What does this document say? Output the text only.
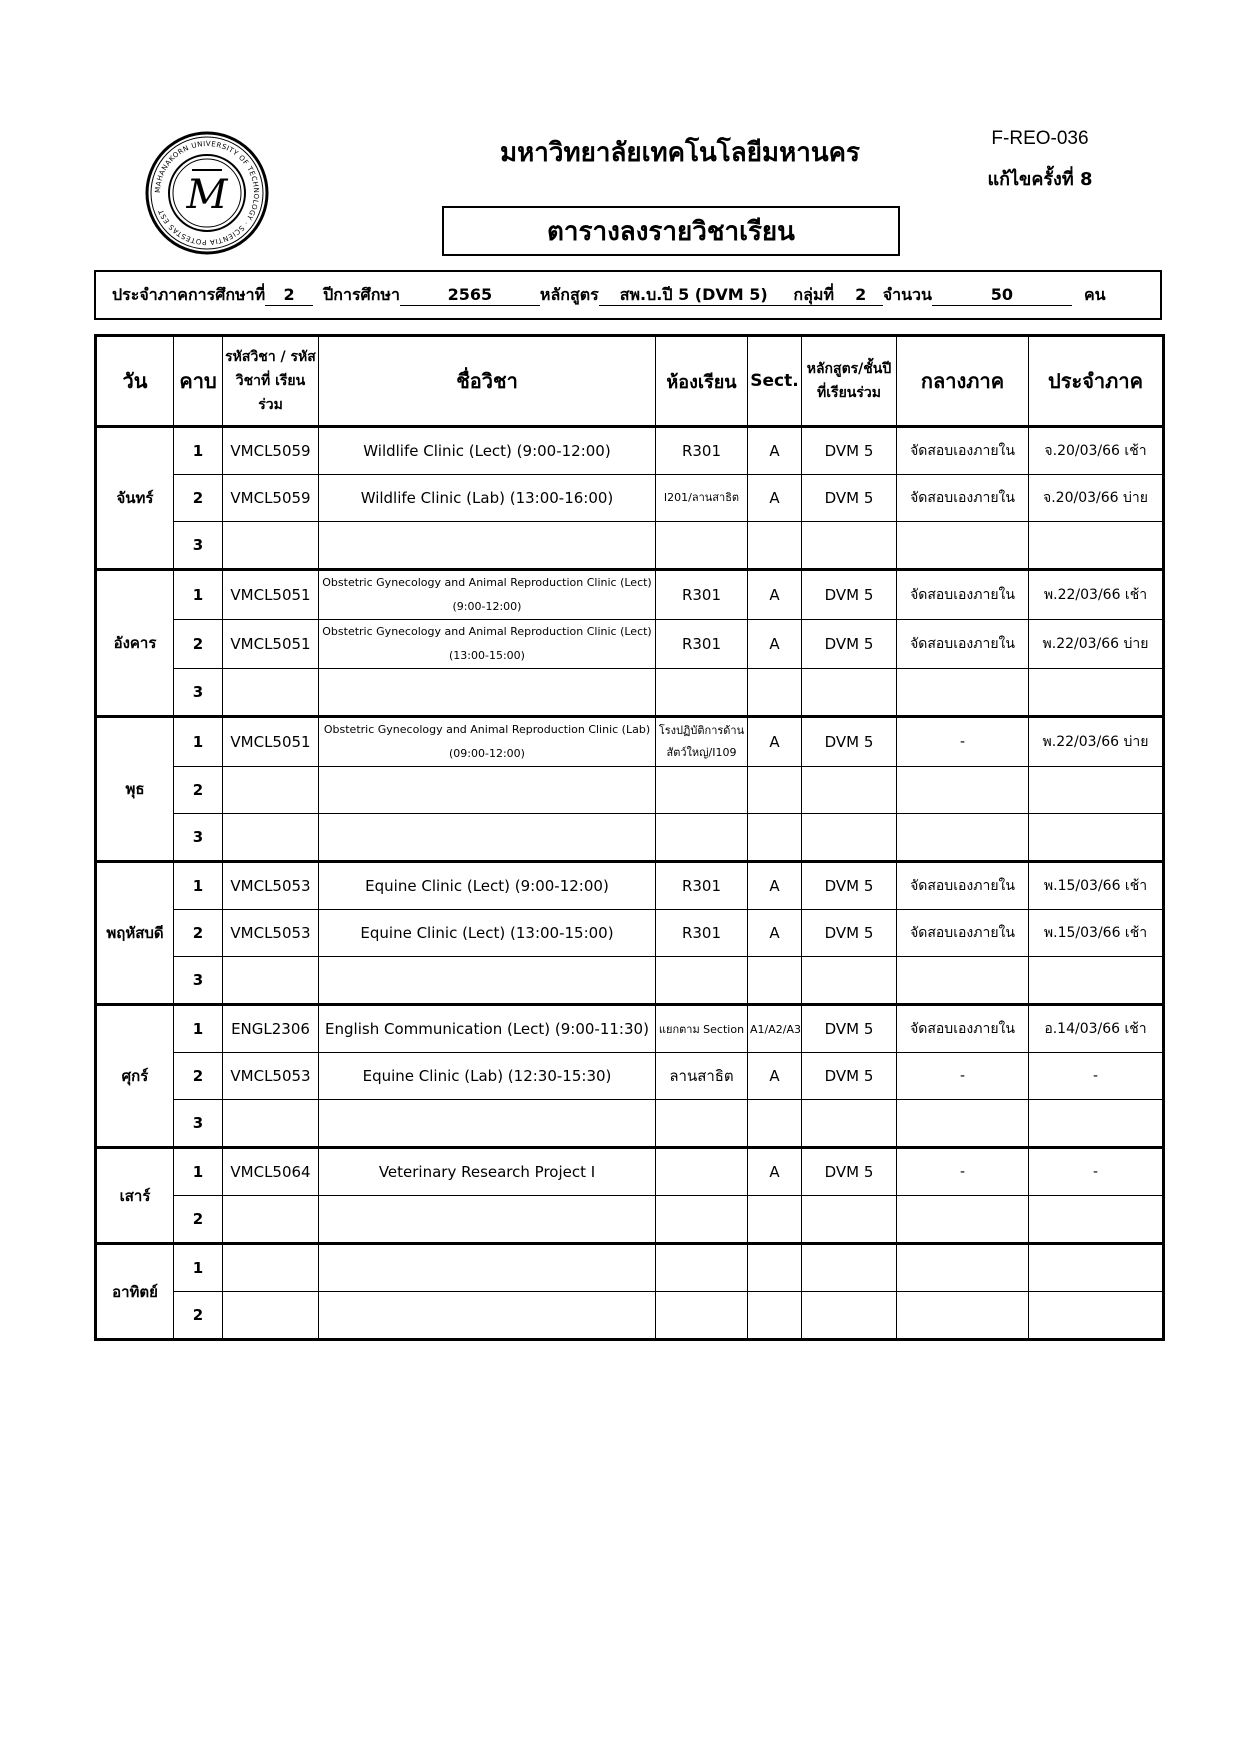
MAHANAKORN UNIVERSITY OF TECHNOLOGY · SCIENTIA POTESTAS EST M
มหาวิทยาลัยเทคโนโลยีมหานคร	F-REO-036
แก้ไขครั้งที่ 8
ตารางลงรายวิชาเรียน
ประจำภาคการศึกษาที่	2	ปีการศึกษา	2565	หลักสูตร	สพ.บ.ปี 5 (DVM 5)	กลุ่มที่	2	จำนวน	50	คน
วัน	คาบ	รหัสวิชา / รหัสวิชาที่ เรียนร่วม	ชื่อวิชา	ห้องเรียน	Sect.	หลักสูตร/ชั้นปี ที่เรียนร่วม	กลางภาค	ประจำภาค
จันทร์	1	VMCL5059	Wildlife Clinic (Lect) (9:00-12:00)	R301	A	DVM 5	จัดสอบเองภายใน	จ.20/03/66 เช้า
	2	VMCL5059	Wildlife Clinic (Lab) (13:00-16:00)	I201/ลานสาธิต	A	DVM 5	จัดสอบเองภายใน	จ.20/03/66 บ่าย
	3							
อังคาร	1	VMCL5051	Obstetric Gynecology and Animal Reproduction Clinic (Lect) (9:00-12:00)	R301	A	DVM 5	จัดสอบเองภายใน	พ.22/03/66 เช้า
	2	VMCL5051	Obstetric Gynecology and Animal Reproduction Clinic (Lect) (13:00-15:00)	R301	A	DVM 5	จัดสอบเองภายใน	พ.22/03/66 บ่าย
	3							
พุธ	1	VMCL5051	Obstetric Gynecology and Animal Reproduction Clinic (Lab) (09:00-12:00)	โรงปฏิบัติการด้านสัตว์ใหญ่/I109	A	DVM 5	-	พ.22/03/66 บ่าย
	2							
	3							
พฤหัสบดี	1	VMCL5053	Equine Clinic (Lect) (9:00-12:00)	R301	A	DVM 5	จัดสอบเองภายใน	พ.15/03/66 เช้า
	2	VMCL5053	Equine Clinic (Lect) (13:00-15:00)	R301	A	DVM 5	จัดสอบเองภายใน	พ.15/03/66 เช้า
	3							
ศุกร์	1	ENGL2306	English Communication (Lect) (9:00-11:30)	แยกตาม Section	A1/A2/A3	DVM 5	จัดสอบเองภายใน	อ.14/03/66 เช้า
	2	VMCL5053	Equine Clinic (Lab) (12:30-15:30)	ลานสาธิต	A	DVM 5	-	-
	3							
เสาร์	1	VMCL5064	Veterinary Research Project I		A	DVM 5	-	-
	2							
อาทิตย์	1							
	2							
